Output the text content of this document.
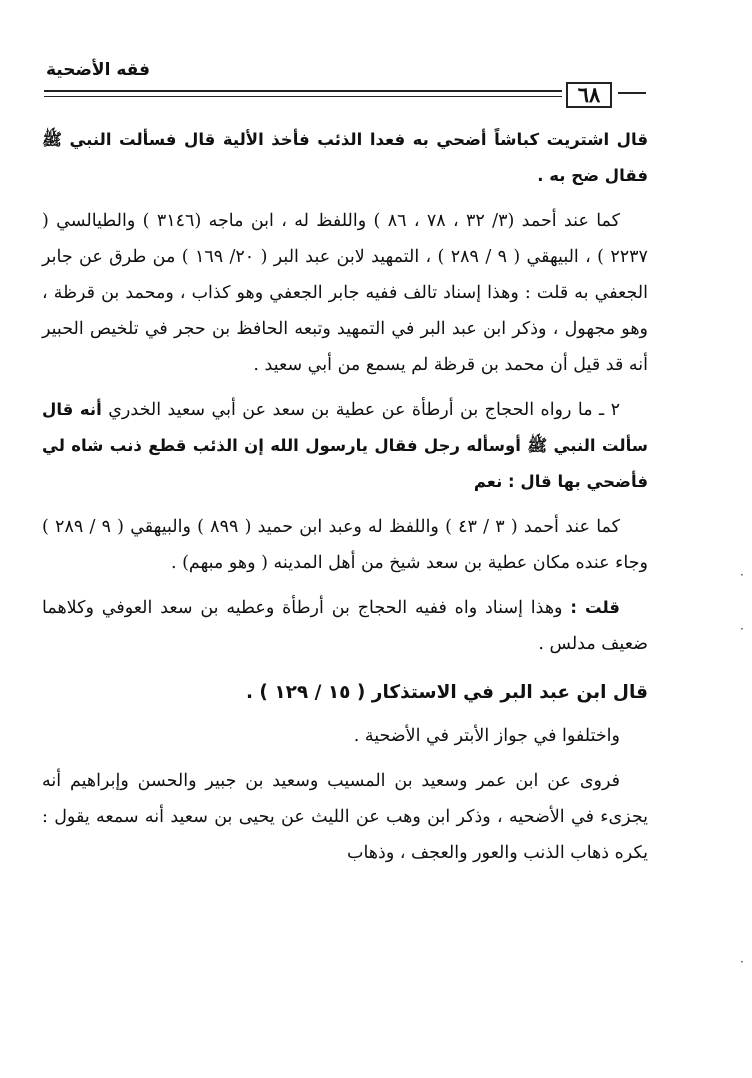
فقه الأضحية
٦٨

قال اشتريت كباشاً أضحي به فعدا الذئب فأخذ الألية قال فسألت النبي ﷺ فقال ضح به .

كما عند أحمد (٣/ ٣٢ ، ٧٨ ، ٨٦ ) واللفظ له ، ابن ماجه (٣١٤٦ ) والطيالسي ( ٢٢٣٧ ) ، البيهقي ( ٩ / ٢٨٩ ) ، التمهيد لابن عبد البر ( ٢٠/ ١٦٩ ) من طرق عن جابر الجعفي به قلت : وهذا إسناد تالف ففيه جابر الجعفي وهو كذاب ، ومحمد بن قرظة ، وهو مجهول ، وذكر ابن عبد البر في التمهيد وتبعه الحافظ بن حجر في تلخيص الحبير أنه قد قيل أن محمد بن قرظة لم يسمع من أبي سعيد .

٢ ـ ما رواه الحجاج بن أرطأة عن عطية بن سعد عن أبي سعيد الخدري أنه قال سألت النبي ﷺ أوسأله رجل فقال يارسول الله إن الذئب قطع ذنب شاه لي فأضحي بها قال : نعم

كما عند أحمد ( ٣ / ٤٣ ) واللفظ له وعبد ابن حميد ( ٨٩٩ ) والبيهقي ( ٩ / ٢٨٩ ) وجاء عنده مكان عطية بن سعد شيخ من أهل المدينه ( وهو مبهم) .

قلت : وهذا إسناد واه ففيه الحجاج بن أرطأة وعطيه بن سعد العوفي وكلاهما ضعيف مدلس .

قال ابن عبد البر في الاستذكار ( ١٥ / ١٢٩ ) .

واختلفوا في جواز الأبتر في الأضحية .

فروى عن ابن عمر وسعيد بن المسيب وسعيد بن جبير والحسن وإبراهيم أنه يجزىء في الأضحيه ، وذكر ابن وهب عن الليث عن يحيى بن سعيد أنه سمعه يقول : يكره ذهاب الذنب والعور والعجف ، وذهاب

·
·
·
